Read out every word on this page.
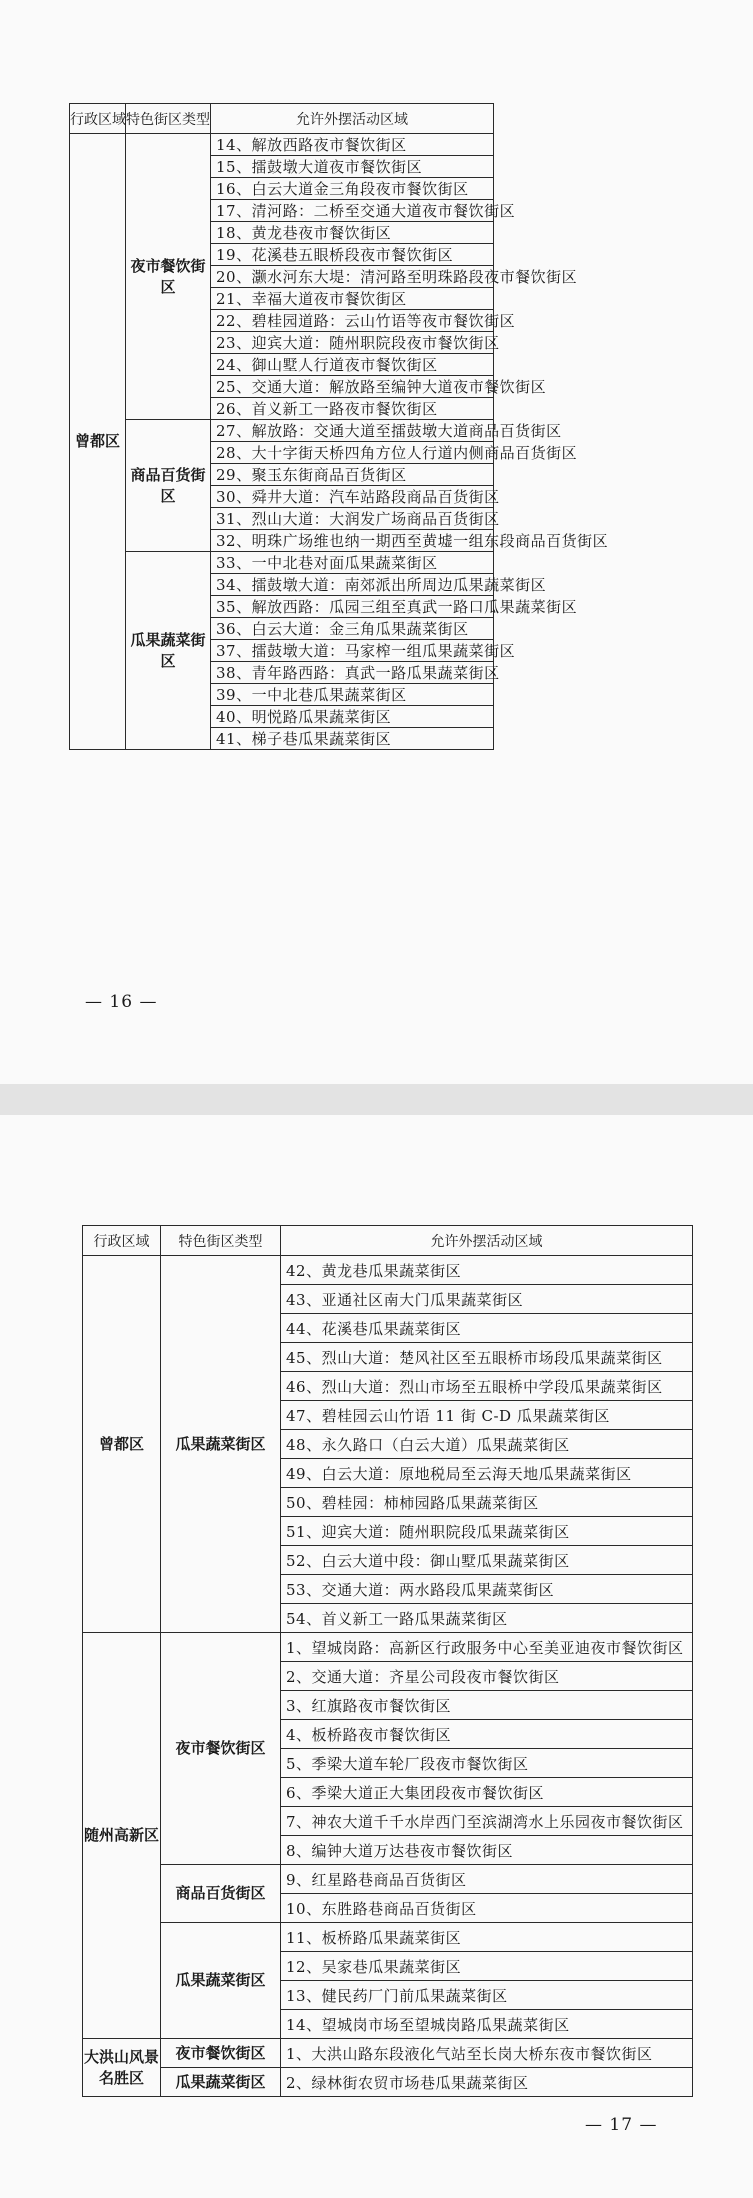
行政区域	特色街区类型	允许外摆活动区域
曾都区	夜市餐饮街区	14、解放西路夜市餐饮街区
		15、擂鼓墩大道夜市餐饮街区
		16、白云大道金三角段夜市餐饮街区
		17、清河路：二桥至交通大道夜市餐饮街区
		18、黄龙巷夜市餐饮街区
		19、花溪巷五眼桥段夜市餐饮街区
		20、灏水河东大堤：清河路至明珠路段夜市餐饮街区
		21、幸福大道夜市餐饮街区
		22、碧桂园道路：云山竹语等夜市餐饮街区
		23、迎宾大道：随州职院段夜市餐饮街区
		24、御山墅人行道夜市餐饮街区
		25、交通大道：解放路至编钟大道夜市餐饮街区
		26、首义新工一路夜市餐饮街区
	商品百货街区	27、解放路：交通大道至擂鼓墩大道商品百货街区
		28、大十字街天桥四角方位人行道内侧商品百货街区
		29、聚玉东街商品百货街区
		30、舜井大道：汽车站路段商品百货街区
		31、烈山大道：大润发广场商品百货街区
		32、明珠广场维也纳一期西至黄墟一组东段商品百货街区
	瓜果蔬菜街区	33、一中北巷对面瓜果蔬菜街区
		34、擂鼓墩大道：南郊派出所周边瓜果蔬菜街区
		35、解放西路：瓜园三组至真武一路口瓜果蔬菜街区
		36、白云大道：金三角瓜果蔬菜街区
		37、擂鼓墩大道：马家榨一组瓜果蔬菜街区
		38、青年路西路：真武一路瓜果蔬菜街区
		39、一中北巷瓜果蔬菜街区
		40、明悦路瓜果蔬菜街区
		41、梯子巷瓜果蔬菜街区
— 16 —
行政区域	特色街区类型	允许外摆活动区域
曾都区	瓜果蔬菜街区	42、黄龙巷瓜果蔬菜街区
		43、亚通社区南大门瓜果蔬菜街区
		44、花溪巷瓜果蔬菜街区
		45、烈山大道：楚风社区至五眼桥市场段瓜果蔬菜街区
		46、烈山大道：烈山市场至五眼桥中学段瓜果蔬菜街区
		47、碧桂园云山竹语 11 街 C-D 瓜果蔬菜街区
		48、永久路口（白云大道）瓜果蔬菜街区
		49、白云大道：原地税局至云海天地瓜果蔬菜街区
		50、碧桂园：柿柿园路瓜果蔬菜街区
		51、迎宾大道：随州职院段瓜果蔬菜街区
		52、白云大道中段：御山墅瓜果蔬菜街区
		53、交通大道：两水路段瓜果蔬菜街区
		54、首义新工一路瓜果蔬菜街区
随州高新区	夜市餐饮街区	1、望城岗路：高新区行政服务中心至美亚迪夜市餐饮街区
		2、交通大道：齐星公司段夜市餐饮街区
		3、红旗路夜市餐饮街区
		4、板桥路夜市餐饮街区
		5、季梁大道车轮厂段夜市餐饮街区
		6、季梁大道正大集团段夜市餐饮街区
		7、神农大道千千水岸西门至滨湖湾水上乐园夜市餐饮街区
		8、编钟大道万达巷夜市餐饮街区
	商品百货街区	9、红星路巷商品百货街区
		10、东胜路巷商品百货街区
	瓜果蔬菜街区	11、板桥路瓜果蔬菜街区
		12、吴家巷瓜果蔬菜街区
		13、健民药厂门前瓜果蔬菜街区
		14、望城岗市场至望城岗路瓜果蔬菜街区
大洪山风景名胜区	夜市餐饮街区	1、大洪山路东段液化气站至长岗大桥东夜市餐饮街区
	瓜果蔬菜街区	2、绿林街农贸市场巷瓜果蔬菜街区
— 17 —
